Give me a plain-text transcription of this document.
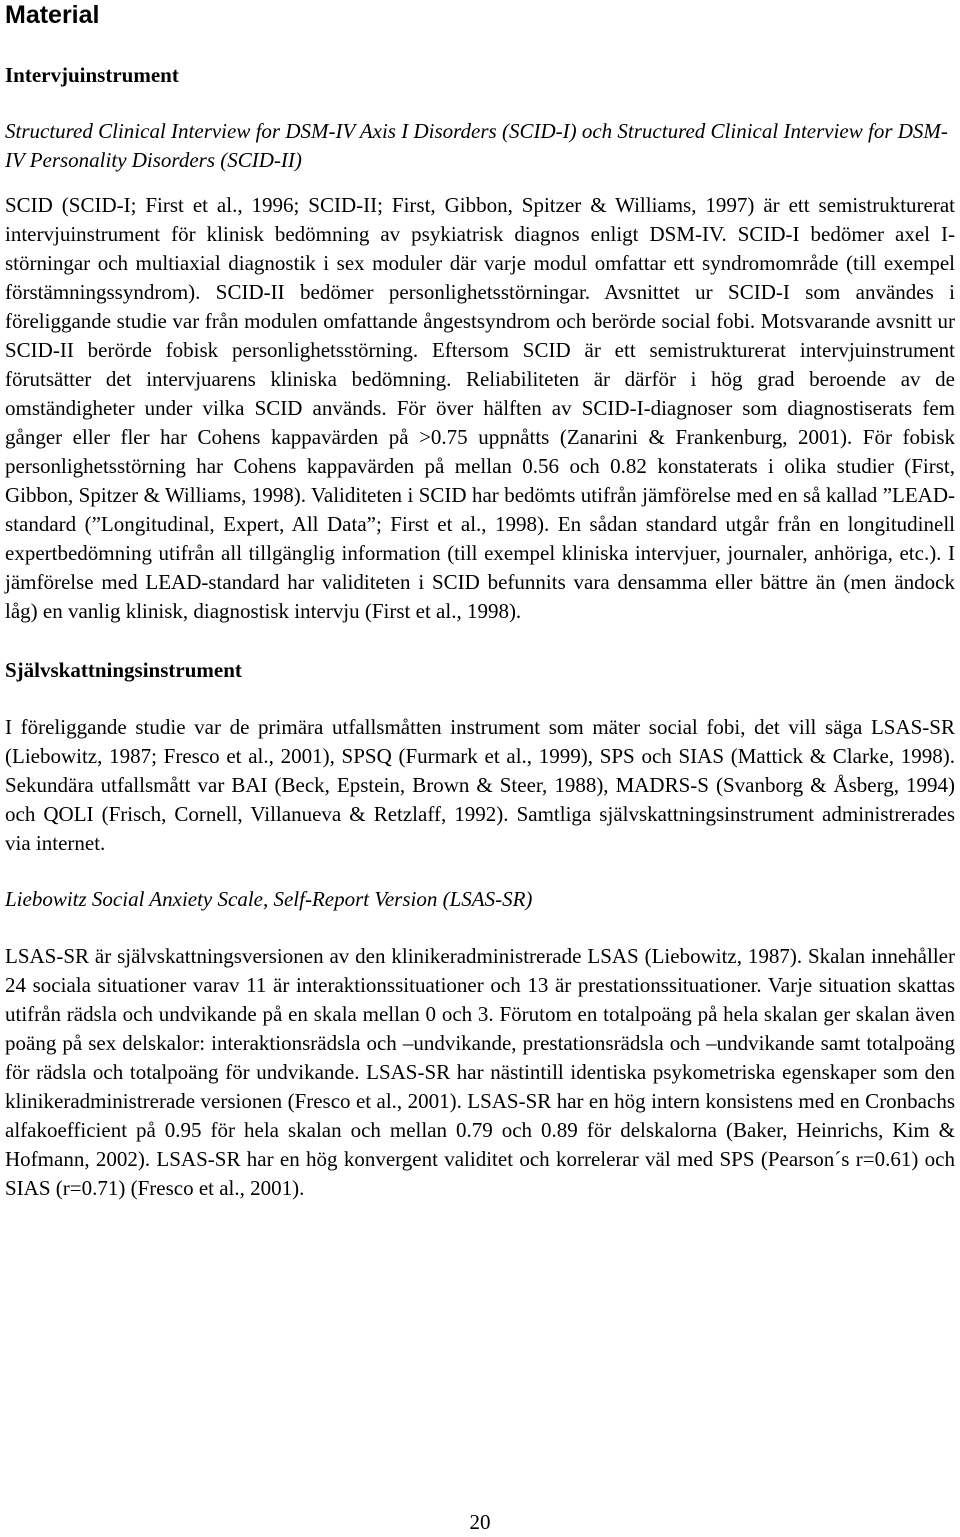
Material
Intervjuinstrument

Structured Clinical Interview for DSM-IV Axis I Disorders (SCID-I) och Structured Clinical Interview for DSM-IV Personality Disorders (SCID-II)

SCID (SCID-I; First et al., 1996; SCID-II; First, Gibbon, Spitzer & Williams, 1997) är ett semistrukturerat intervjuinstrument för klinisk bedömning av psykiatrisk diagnos enligt DSM-IV. SCID-I bedömer axel I-störningar och multiaxial diagnostik i sex moduler där varje modul omfattar ett syndromområde (till exempel förstämningssyndrom). SCID-II bedömer personlighetsstörningar. Avsnittet ur SCID-I som användes i föreliggande studie var från modulen omfattande ångestsyndrom och berörde social fobi. Motsvarande avsnitt ur SCID-II berörde fobisk personlighetsstörning. Eftersom SCID är ett semistrukturerat intervjuinstrument förutsätter det intervjuarens kliniska bedömning. Reliabiliteten är därför i hög grad beroende av de omständigheter under vilka SCID används. För över hälften av SCID-I-diagnoser som diagnostiserats fem gånger eller fler har Cohens kappavärden på >0.75 uppnåtts (Zanarini & Frankenburg, 2001). För fobisk personlighetsstörning har Cohens kappavärden på mellan 0.56 och 0.82 konstaterats i olika studier (First, Gibbon, Spitzer & Williams, 1998). Validiteten i SCID har bedömts utifrån jämförelse med en så kallad ”LEAD-standard (”Longitudinal, Expert, All Data”; First et al., 1998). En sådan standard utgår från en longitudinell expertbedömning utifrån all tillgänglig information (till exempel kliniska intervjuer, journaler, anhöriga, etc.). I jämförelse med LEAD-standard har validiteten i SCID befunnits vara densamma eller bättre än (men ändock låg) en vanlig klinisk, diagnostisk intervju (First et al., 1998).

Självskattningsinstrument

I föreliggande studie var de primära utfallsmåtten instrument som mäter social fobi, det vill säga LSAS-SR (Liebowitz, 1987; Fresco et al., 2001), SPSQ (Furmark et al., 1999), SPS och SIAS (Mattick & Clarke, 1998). Sekundära utfallsmått var BAI (Beck, Epstein, Brown & Steer, 1988), MADRS-S (Svanborg & Åsberg, 1994) och QOLI (Frisch, Cornell, Villanueva & Retzlaff, 1992). Samtliga självskattningsinstrument administrerades via internet.

Liebowitz Social Anxiety Scale, Self-Report Version (LSAS-SR)

LSAS-SR är självskattningsversionen av den klinikeradministrerade LSAS (Liebowitz, 1987). Skalan innehåller 24 sociala situationer varav 11 är interaktionssituationer och 13 är prestationssituationer. Varje situation skattas utifrån rädsla och undvikande på en skala mellan 0 och 3. Förutom en totalpoäng på hela skalan ger skalan även poäng på sex delskalor: interaktionsrädsla och –undvikande, prestationsrädsla och –undvikande samt totalpoäng för rädsla och totalpoäng för undvikande. LSAS-SR har nästintill identiska psykometriska egenskaper som den klinikeradministrerade versionen (Fresco et al., 2001). LSAS-SR har en hög intern konsistens med en Cronbachs alfakoefficient på 0.95 för hela skalan och mellan 0.79 och 0.89 för delskalorna (Baker, Heinrichs, Kim & Hofmann, 2002). LSAS-SR har en hög konvergent validitet och korrelerar väl med SPS (Pearson´s r=0.61) och SIAS (r=0.71) (Fresco et al., 2001).

20
